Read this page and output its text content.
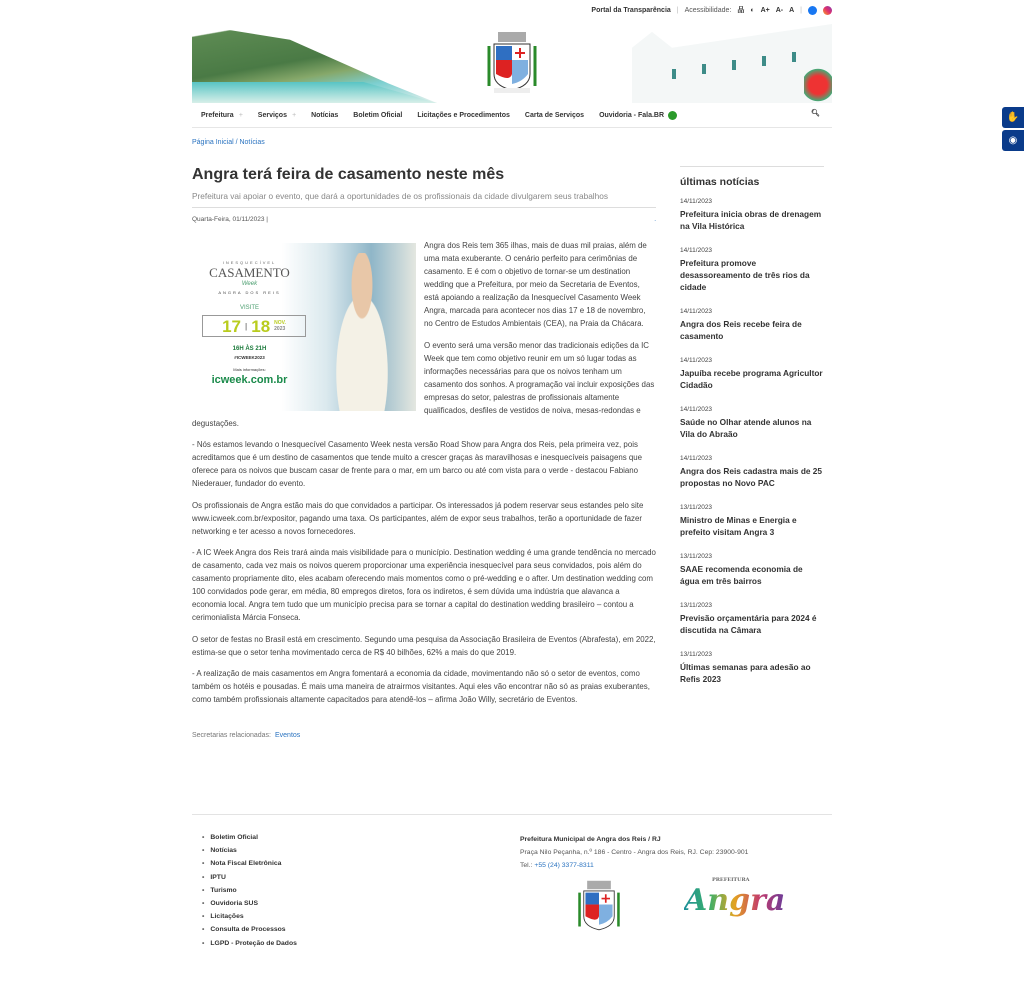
Portal da Transparência | Acessibilidade: 品 ◐ A+ A- A |
Prefeitura + Serviços + Notícias Boletim Oficial Licitações e Procedimentos Carta de Serviços Ouvidoria - Fala.BR	🔍︎
Página Inicial / Notícias
Angra terá feira de casamento neste mês
Prefeitura vai apoiar o evento, que dará a oportunidades de os profissionais da cidade divulgarem seus trabalhos
Quarta-Feira, 01/11/2023 |	.
INESQUECÍVEL
CASAMENTO
Week
ANGRA DOS REIS
VISITE
17 | 18 NOV.
2023
16H ÀS 21H
#ICWEEK2023
Mais informações:
icweek.com.br

Angra dos Reis tem 365 ilhas, mais de duas mil praias, além de uma mata exuberante. O cenário perfeito para cerimônias de casamento. E é com o objetivo de tornar-se um destination wedding que a Prefeitura, por meio da Secretaria de Eventos, está apoiando a realização da Inesquecível Casamento Week Angra, marcada para acontecer nos dias 17 e 18 de novembro, no Centro de Estudos Ambientais (CEA), na Praia da Chácara.

O evento será uma versão menor das tradicionais edições da IC Week que tem como objetivo reunir em um só lugar todas as informações necessárias para que os noivos tenham um casamento dos sonhos. A programação vai incluir exposições das empresas do setor, palestras de profissionais altamente qualificados, desfiles de vestidos de noiva, mesas-redondas e degustações.

- Nós estamos levando o Inesquecível Casamento Week nesta versão Road Show para Angra dos Reis, pela primeira vez, pois acreditamos que é um destino de casamentos que tende muito a crescer graças às maravilhosas e inesquecíveis paisagens que oferece para os noivos que buscam casar de frente para o mar, em um barco ou até com vista para o verde - destacou Fabiano Niederauer, fundador do evento.

Os profissionais de Angra estão mais do que convidados a participar. Os interessados já podem reservar seus estandes pelo site www.icweek.com.br/expositor, pagando uma taxa. Os participantes, além de expor seus trabalhos, terão a oportunidade de fazer networking e ter acesso a novos fornecedores.

- A IC Week Angra dos Reis trará ainda mais visibilidade para o município. Destination wedding é uma grande tendência no mercado de casamento, cada vez mais os noivos querem proporcionar uma experiência inesquecível para seus convidados, pois além do casamento propriamente dito, eles acabam oferecendo mais momentos como o pré-wedding e o after. Um destination wedding com 100 convidados pode gerar, em média, 80 empregos diretos, fora os indiretos, é sem dúvida uma indústria que alavanca a economia local. Angra tem tudo que um município precisa para se tornar a capital do destination wedding brasileiro – contou a cerimonialista Márcia Fonseca.

O setor de festas no Brasil está em crescimento. Segundo uma pesquisa da Associação Brasileira de Eventos (Abrafesta), em 2022, estima-se que o setor tenha movimentado cerca de R$ 40 bilhões, 62% a mais do que 2019.

- A realização de mais casamentos em Angra fomentará a economia da cidade, movimentando não só o setor de eventos, como também os hotéis e pousadas. É mais uma maneira de atrairmos visitantes. Aqui eles vão encontrar não só as praias exuberantes, como também profissionais altamente capacitados para atendê-los – afirma João Willy, secretário de Eventos.

Secretarias relacionadas: Eventos
últimas notícias
14/11/2023
Prefeitura inicia obras de drenagem na Vila Histórica
14/11/2023
Prefeitura promove desassoreamento de três rios da cidade
14/11/2023
Angra dos Reis recebe feira de casamento
14/11/2023
Japuíba recebe programa Agricultor Cidadão
14/11/2023
Saúde no Olhar atende alunos na Vila do Abraão
14/11/2023
Angra dos Reis cadastra mais de 25 propostas no Novo PAC
13/11/2023
Ministro de Minas e Energia e prefeito visitam Angra 3
13/11/2023
SAAE recomenda economia de água em três bairros
13/11/2023
Previsão orçamentária para 2024 é discutida na Câmara
13/11/2023
Últimas semanas para adesão ao Refis 2023
✋
◉
• Boletim Oficial
• Notícias
• Nota Fiscal Eletrônica
• IPTU
• Turismo
• Ouvidoria SUS
• Licitações
• Consulta de Processos
• LGPD - Proteção de Dados
Prefeitura Municipal de Angra dos Reis / RJ
Praça Nilo Peçanha, n.º 186 - Centro - Angra dos Reis, RJ. Cep: 23900-901
Tel.: +55 (24) 3377-8311
PREFEITURA
Angra
